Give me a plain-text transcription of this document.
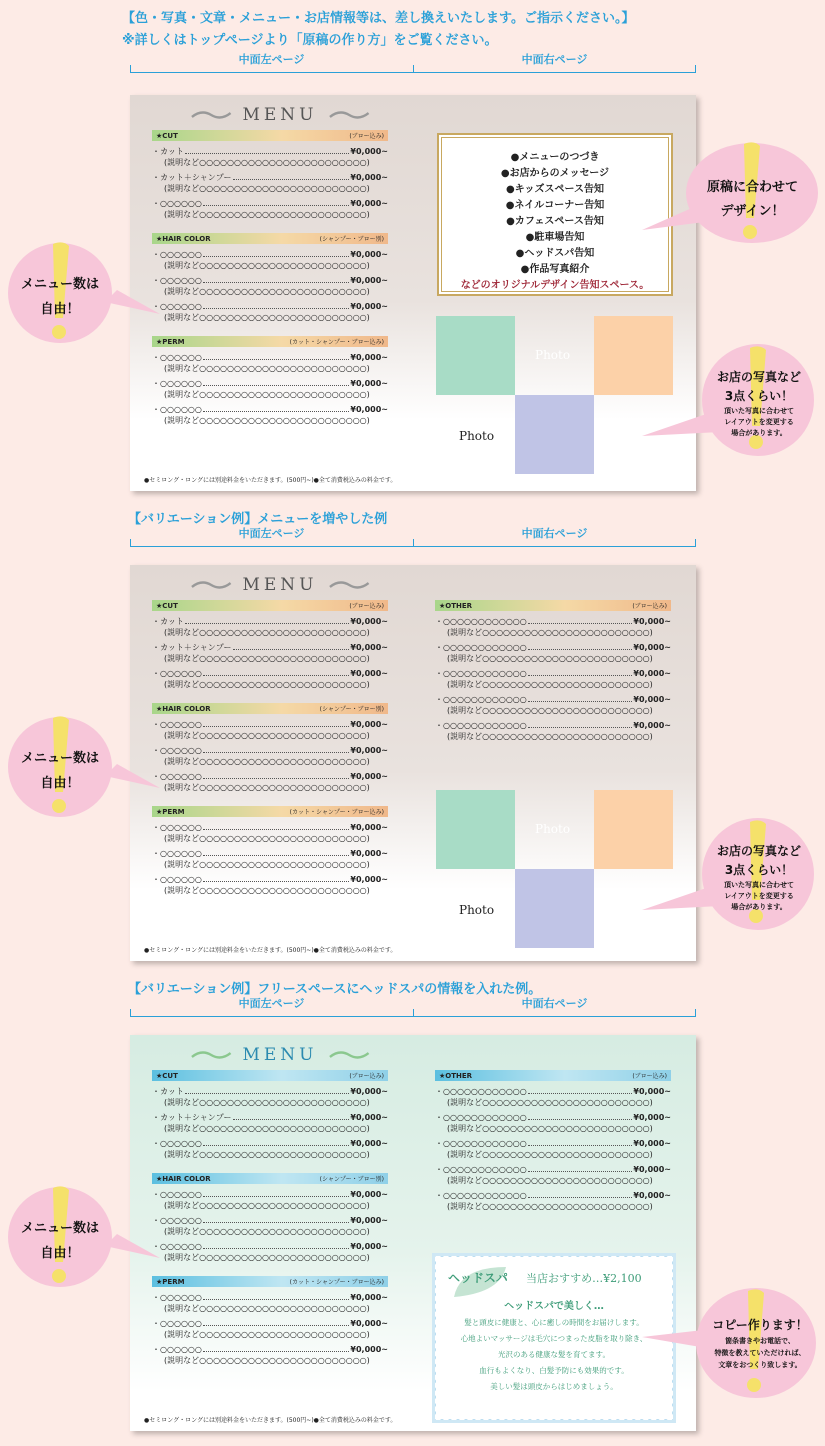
【色・写真・文章・メニュー・お店情報等は、差し換えいたします。ご指示ください。】
※詳しくはトップページより「原稿の作り方」をご覧ください。
中面左ページ	中面右ページ
MENU
★CUT	(ブロー込み)
・カット	¥0,000~
(説明など○○○○○○○○○○○○○○○○○○○○○○○○)
・カット＋シャンプー	¥0,000~
(説明など○○○○○○○○○○○○○○○○○○○○○○○○)
・○○○○○○	¥0,000~
(説明など○○○○○○○○○○○○○○○○○○○○○○○○)
★HAIR COLOR	(シャンプー・ブロー別)
・○○○○○○	¥0,000~
(説明など○○○○○○○○○○○○○○○○○○○○○○○○)
・○○○○○○	¥0,000~
(説明など○○○○○○○○○○○○○○○○○○○○○○○○)
・○○○○○○	¥0,000~
(説明など○○○○○○○○○○○○○○○○○○○○○○○○)
★PERM	(カット・シャンプー・ブロー込み)
・○○○○○○	¥0,000~
(説明など○○○○○○○○○○○○○○○○○○○○○○○○)
・○○○○○○	¥0,000~
(説明など○○○○○○○○○○○○○○○○○○○○○○○○)
・○○○○○○	¥0,000~
(説明など○○○○○○○○○○○○○○○○○○○○○○○○)
●セミロング・ロングには別途料金をいただきます。(500円~)●全て消費税込みの料金です。
●メニューのつづき
●お店からのメッセージ
●キッズスペース告知
●ネイルコーナー告知
●カフェスペース告知
●駐車場告知
●ヘッドスパ告知
●作品写真紹介
などのオリジナルデザイン告知スペース。
Photo
Photo
【バリエーション例】メニューを増やした例
中面左ページ	中面右ページ
MENU
★CUT	(ブロー込み)
・カット	¥0,000~
(説明など○○○○○○○○○○○○○○○○○○○○○○○○)
・カット＋シャンプー	¥0,000~
(説明など○○○○○○○○○○○○○○○○○○○○○○○○)
・○○○○○○	¥0,000~
(説明など○○○○○○○○○○○○○○○○○○○○○○○○)
★HAIR COLOR	(シャンプー・ブロー別)
・○○○○○○	¥0,000~
(説明など○○○○○○○○○○○○○○○○○○○○○○○○)
・○○○○○○	¥0,000~
(説明など○○○○○○○○○○○○○○○○○○○○○○○○)
・○○○○○○	¥0,000~
(説明など○○○○○○○○○○○○○○○○○○○○○○○○)
★PERM	(カット・シャンプー・ブロー込み)
・○○○○○○	¥0,000~
(説明など○○○○○○○○○○○○○○○○○○○○○○○○)
・○○○○○○	¥0,000~
(説明など○○○○○○○○○○○○○○○○○○○○○○○○)
・○○○○○○	¥0,000~
(説明など○○○○○○○○○○○○○○○○○○○○○○○○)
★OTHER	(ブロー込み)
・○○○○○○○○○○○○	¥0,000~
(説明など○○○○○○○○○○○○○○○○○○○○○○○○)
・○○○○○○○○○○○○	¥0,000~
(説明など○○○○○○○○○○○○○○○○○○○○○○○○)
・○○○○○○○○○○○○	¥0,000~
(説明など○○○○○○○○○○○○○○○○○○○○○○○○)
・○○○○○○○○○○○○	¥0,000~
(説明など○○○○○○○○○○○○○○○○○○○○○○○○)
・○○○○○○○○○○○○	¥0,000~
(説明など○○○○○○○○○○○○○○○○○○○○○○○○)
●セミロング・ロングには別途料金をいただきます。(500円~)●全て消費税込みの料金です。
Photo
Photo
【バリエーション例】フリースペースにヘッドスパの情報を入れた例。
中面左ページ	中面右ページ
MENU
★CUT	(ブロー込み)
・カット	¥0,000~
(説明など○○○○○○○○○○○○○○○○○○○○○○○○)
・カット＋シャンプー	¥0,000~
(説明など○○○○○○○○○○○○○○○○○○○○○○○○)
・○○○○○○	¥0,000~
(説明など○○○○○○○○○○○○○○○○○○○○○○○○)
★HAIR COLOR	(シャンプー・ブロー別)
・○○○○○○	¥0,000~
(説明など○○○○○○○○○○○○○○○○○○○○○○○○)
・○○○○○○	¥0,000~
(説明など○○○○○○○○○○○○○○○○○○○○○○○○)
・○○○○○○	¥0,000~
(説明など○○○○○○○○○○○○○○○○○○○○○○○○)
★PERM	(カット・シャンプー・ブロー込み)
・○○○○○○	¥0,000~
(説明など○○○○○○○○○○○○○○○○○○○○○○○○)
・○○○○○○	¥0,000~
(説明など○○○○○○○○○○○○○○○○○○○○○○○○)
・○○○○○○	¥0,000~
(説明など○○○○○○○○○○○○○○○○○○○○○○○○)
★OTHER	(ブロー込み)
・○○○○○○○○○○○○	¥0,000~
(説明など○○○○○○○○○○○○○○○○○○○○○○○○)
・○○○○○○○○○○○○	¥0,000~
(説明など○○○○○○○○○○○○○○○○○○○○○○○○)
・○○○○○○○○○○○○	¥0,000~
(説明など○○○○○○○○○○○○○○○○○○○○○○○○)
・○○○○○○○○○○○○	¥0,000~
(説明など○○○○○○○○○○○○○○○○○○○○○○○○)
・○○○○○○○○○○○○	¥0,000~
(説明など○○○○○○○○○○○○○○○○○○○○○○○○)
●セミロング・ロングには別途料金をいただきます。(500円~)●全て消費税込みの料金です。
ヘッドスパ 当店おすすめ…¥2,100
ヘッドスパで美しく…
髪と頭皮に健康と、心に癒しの時間をお届けします。
心地よいマッサージは毛穴につまった皮脂を取り除き、
光沢のある健康な髪を育てます。
血行もよくなり、白髪予防にも効果的です。
美しい髪は頭皮からはじめましょう。
メニュー数は
自由！
メニュー数は
自由！
メニュー数は
自由！
原稿に合わせて
デザイン！
お店の写真など
3点くらい！
頂いた写真に合わせて
レイアウトを変更する
場合があります。
お店の写真など
3点くらい！
頂いた写真に合わせて
レイアウトを変更する
場合があります。
コピー作ります！
箇条書きやお電話で、
特徴を教えていただければ、
文章をおつくり致します。
